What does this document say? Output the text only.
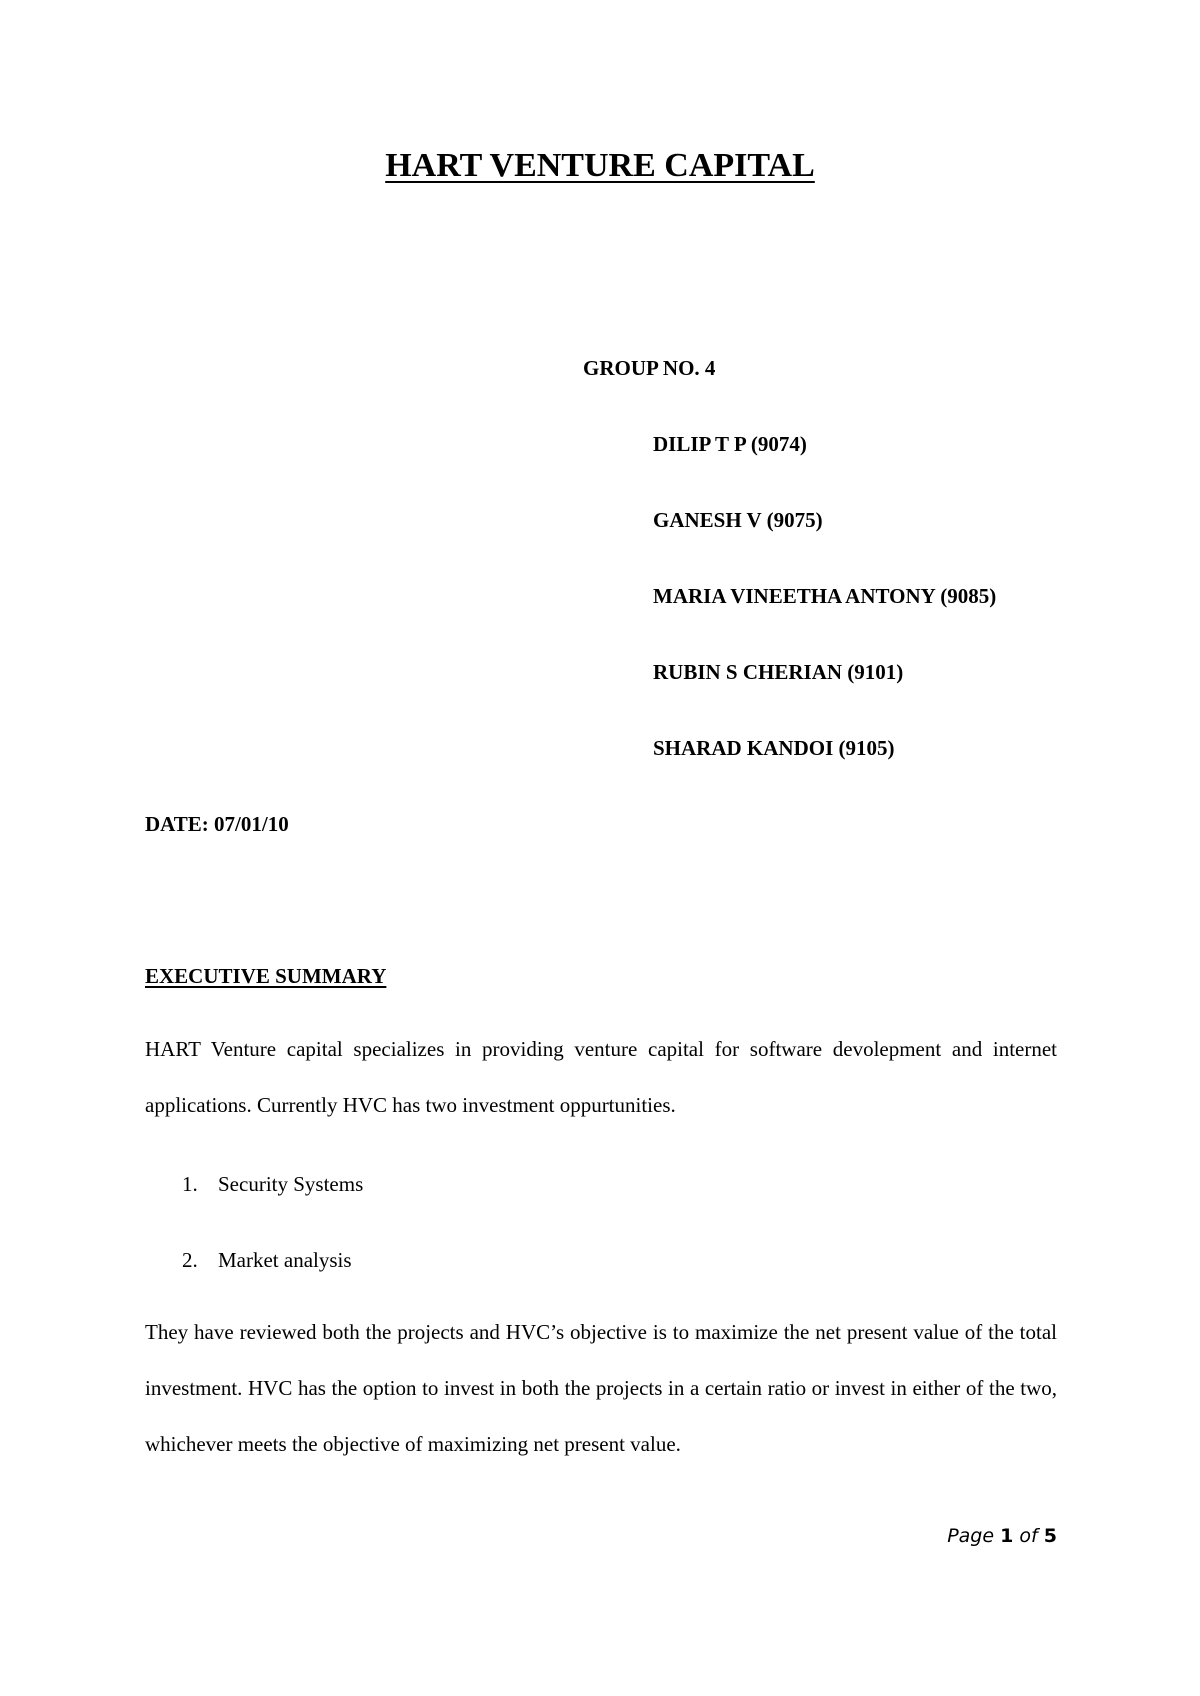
HART VENTURE CAPITAL
GROUP NO. 4
DILIP T P (9074)
GANESH V (9075)
MARIA VINEETHA ANTONY (9085)
RUBIN S CHERIAN (9101)
SHARAD KANDOI (9105)
DATE: 07/01/10
EXECUTIVE SUMMARY
HART Venture capital specializes in providing venture capital for software devolepment and internet applications. Currently HVC has two investment oppurtunities.
1. Security Systems
2. Market analysis
They have reviewed both the projects and HVC’s objective is to maximize the net present value of the total investment. HVC has the option to invest in both the projects in a certain ratio or invest in either of the two, whichever meets the objective of maximizing net present value.
Page 1 of 5
